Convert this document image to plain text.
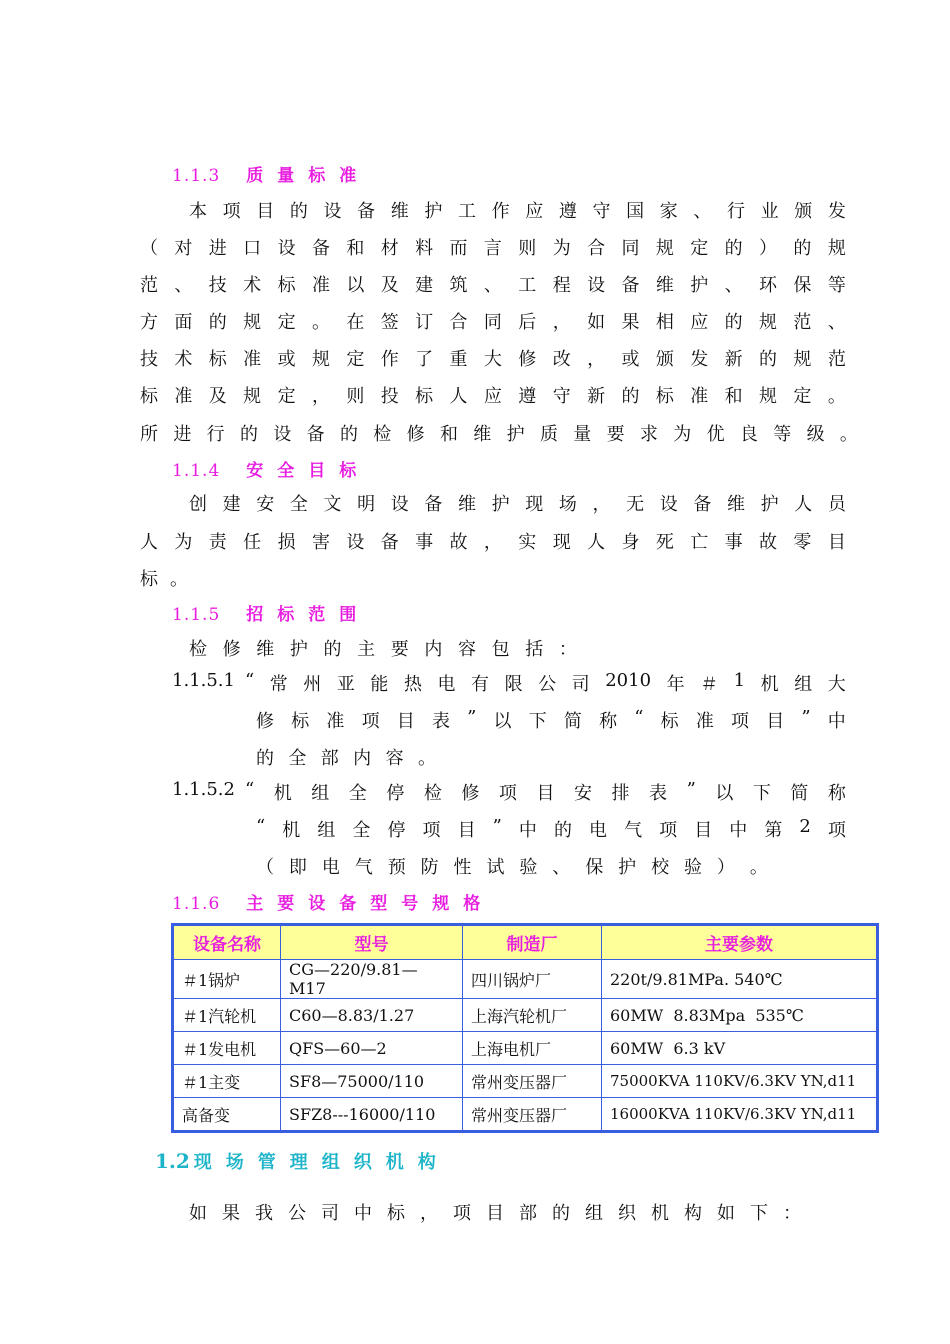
1.1.3 质量标准
本 项 目 的 设 备 维 护 工 作 应 遵 守 国 家 、 行 业 颁 发
（ 对 进 口 设 备 和 材 料 而 言 则 为 合 同 规 定 的 ） 的 规
范 、 技 术 标 准 以 及 建 筑 、 工 程 设 备 维 护 、 环 保 等
方 面 的 规 定 。 在 签 订 合 同 后 ， 如 果 相 应 的 规 范 、
技 术 标 准 或 规 定 作 了 重 大 修 改 ， 或 颁 发 新 的 规 范
标 准 及 规 定 ， 则 投 标 人 应 遵 守 新 的 标 准 和 规 定 。
所 进 行 的 设 备 的 检 修 和 维 护 质 量 要 求 为 优 良 等 级 。
1.1.4 安全目标
创 建 安 全 文 明 设 备 维 护 现 场 ， 无 设 备 维 护 人 员
人 为 责 任 损 害 设 备 事 故 ， 实 现 人 身 死 亡 事 故 零 目
标 。
1.1.5 招标范围
检 修 维 护 的 主 要 内 容 包 括 ：
1.1.5.1 “ 常 州 亚 能 热 电 有 限 公 司 2010 年 ＃ 1 机 组 大
修 标 准 项 目 表 ” 以 下 简 称 “ 标 准 项 目 ” 中
的 全 部 内 容 。
1.1.5.2 “ 机 组 全 停 检 修 项 目 安 排 表 ” 以 下 简 称
“ 机 组 全 停 项 目 ” 中 的 电 气 项 目 中 第 2 项
（ 即 电 气 预 防 性 试 验 、 保 护 校 验 ） 。
1.1.6 主要设备型号规格
设备名称	型号	制造厂	主要参数
＃1锅炉	CG—220/9.81—M17	四川锅炉厂	220t/9.81MPa. 540℃
＃1汽轮机	C60—8.83/1.27	上海汽轮机厂	60MW  8.83Mpa  535℃
＃1发电机	QFS—60—2	上海电机厂	60MW  6.3 kV
＃1主变	SF8—75000/110	常州变压器厂	75000KVA 110KV/6.3KV YN,d11
高备变	SFZ8---16000/110	常州变压器厂	16000KVA 110KV/6.3KV YN,d11
1.2 现场管理组织机构
如 果 我 公 司 中 标 ， 项 目 部 的 组 织 机 构 如 下 ：
